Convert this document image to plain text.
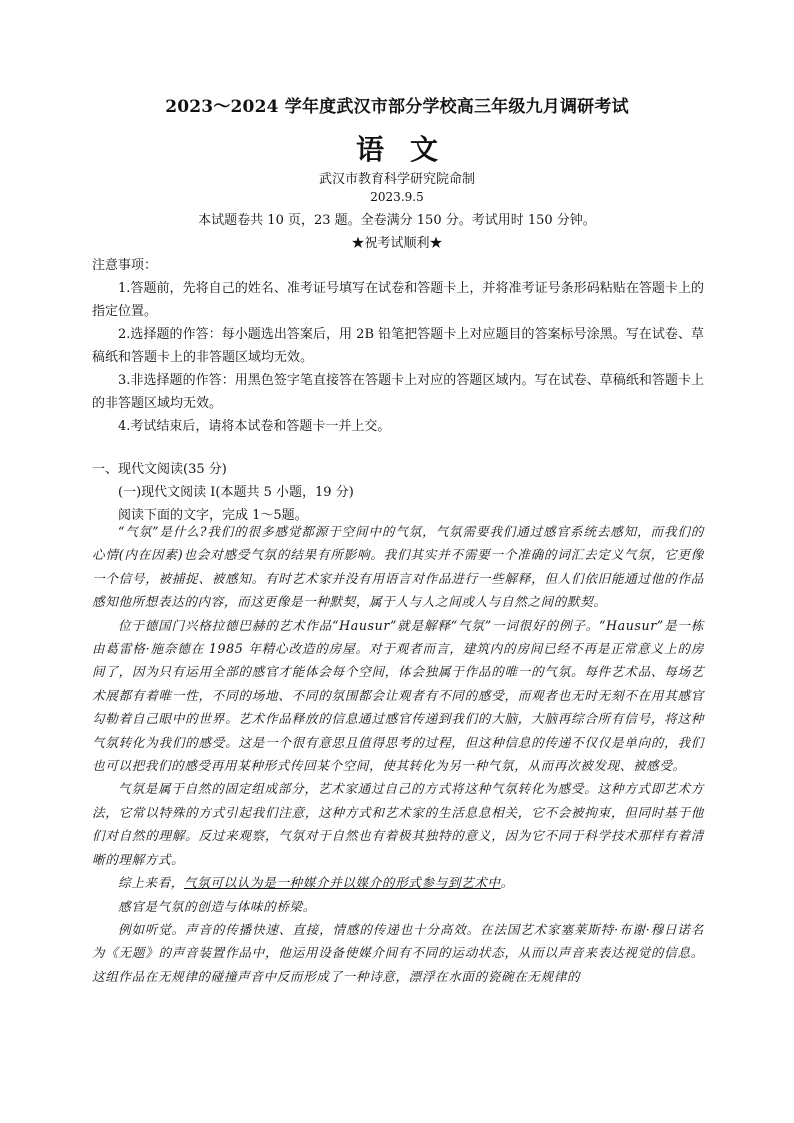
2023～2024 学年度武汉市部分学校高三年级九月调研考试
语文
武汉市教育科学研究院命制
2023.9.5
本试题卷共 10 页，23 题。全卷满分 150 分。考试用时 150 分钟。
★祝考试顺利★

注意事项：

1.答题前，先将自己的姓名、准考证号填写在试卷和答题卡上，并将准考证号条形码粘贴在答题卡上的指定位置。

2.选择题的作答：每小题选出答案后，用 2B 铅笔把答题卡上对应题目的答案标号涂黑。写在试卷、草稿纸和答题卡上的非答题区域均无效。

3.非选择题的作答：用黑色签字笔直接答在答题卡上对应的答题区域内。写在试卷、草稿纸和答题卡上的非答题区域均无效。

4.考试结束后，请将本试卷和答题卡一并上交。

一、现代文阅读(35 分)

(一)现代文阅读 I(本题共 5 小题，19 分)

阅读下面的文字，完成 1～5题。

“气氛”是什么?我们的很多感觉都源于空间中的气氛，气氛需要我们通过感官系统去感知，而我们的心情(内在因素)也会对感受气氛的结果有所影响。我们其实并不需要一个准确的词汇去定义气氛，它更像一个信号，被捕捉、被感知。有时艺术家并没有用语言对作品进行一些解释，但人们依旧能通过他的作品感知他所想表达的内容，而这更像是一种默契，属于人与人之间或人与自然之间的默契。

位于德国门兴格拉德巴赫的艺术作品“Hausur”就是解释“气氛”一词很好的例子。“Hausur”是一栋由葛雷格·施奈德在 1985 年精心改造的房屋。对于观者而言，建筑内的房间已经不再是正常意义上的房间了，因为只有运用全部的感官才能体会每个空间，体会独属于作品的唯一的气氛。每件艺术品、每场艺术展都有着唯一性，不同的场地、不同的氛围都会让观者有不同的感受，而观者也无时无刻不在用其感官勾勒着自己眼中的世界。艺术作品释放的信息通过感官传递到我们的大脑，大脑再综合所有信号，将这种气氛转化为我们的感受。这是一个很有意思且值得思考的过程，但这种信息的传递不仅仅是单向的，我们也可以把我们的感受再用某种形式传回某个空间，使其转化为另一种气氛，从而再次被发现、被感受。

气氛是属于自然的固定组成部分，艺术家通过自己的方式将这种气氛转化为感受。这种方式即艺术方法，它常以特殊的方式引起我们注意，这种方式和艺术家的生活息息相关，它不会被拘束，但同时基于他们对自然的理解。反过来观察，气氛对于自然也有着极其独特的意义，因为它不同于科学技术那样有着清晰的理解方式。

综上来看，气氛可以认为是一种媒介并以媒介的形式参与到艺术中。

感官是气氛的创造与体味的桥梁。

例如听觉。声音的传播快速、直接，情感的传递也十分高效。在法国艺术家塞莱斯特·布谢·穆日诺名为《无题》的声音装置作品中，他运用设备使媒介间有不同的运动状态，从而以声音来表达视觉的信息。这组作品在无规律的碰撞声音中反而形成了一种诗意，漂浮在水面的瓷碗在无规律的
